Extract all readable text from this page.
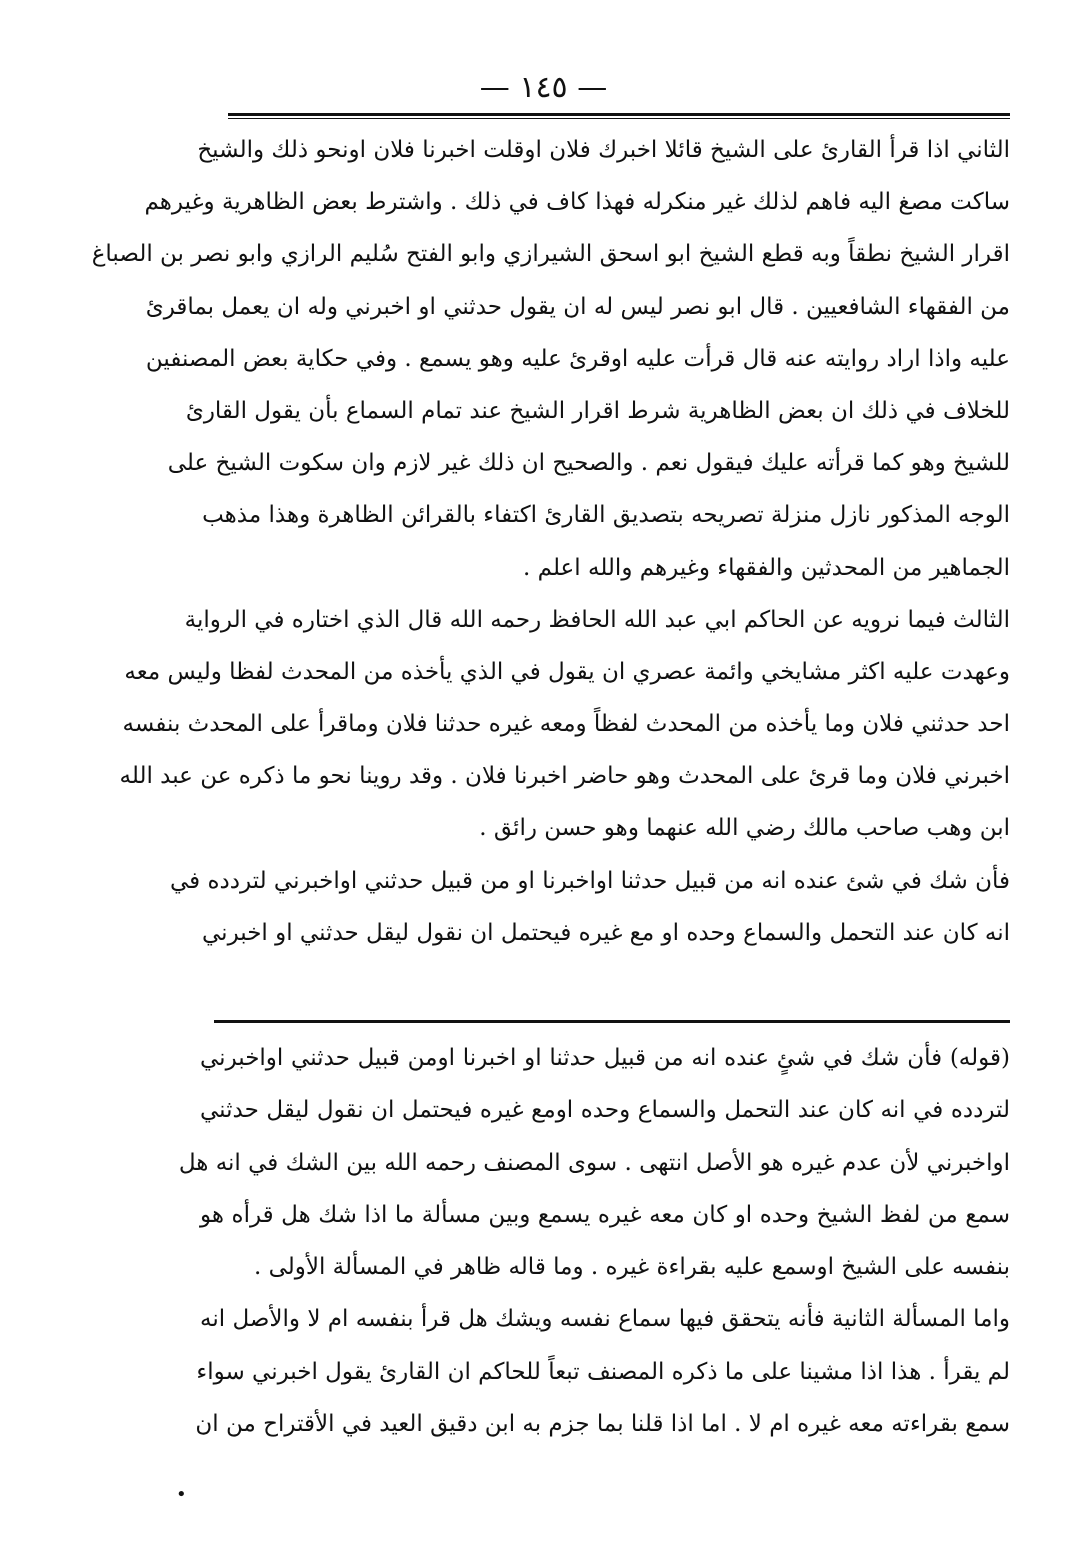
— ١٤٥ —
الثاني اذا قرأ القارئ على الشيخ قائلا اخبرك فلان اوقلت اخبرنا فلان اونحو ذلك والشيخ
ساكت مصغ اليه فاهم لذلك غير منكرله فهذا كاف في ذلك . واشترط بعض الظاهرية وغيرهم
اقرار الشيخ نطقاً وبه قطع الشيخ ابو اسحق الشيرازي وابو الفتح سُليم الرازي وابو نصر بن الصباغ
من الفقهاء الشافعيين . قال ابو نصر ليس له ان يقول حدثني او اخبرني وله ان يعمل بماقرئ
عليه واذا اراد روايته عنه قال قرأت عليه اوقرئ عليه وهو يسمع . وفي حكاية بعض المصنفين
للخلاف في ذلك ان بعض الظاهرية شرط اقرار الشيخ عند تمام السماع بأن يقول القارئ
للشيخ وهو كما قرأته عليك فيقول نعم . والصحيح ان ذلك غير لازم وان سكوت الشيخ على
الوجه المذكور نازل منزلة تصريحه بتصديق القارئ اكتفاء بالقرائن الظاهرة وهذا مذهب
الجماهير من المحدثين والفقهاء وغيرهم والله اعلم .
الثالث فيما نرويه عن الحاكم ابي عبد الله الحافظ رحمه الله قال الذي اختاره في الرواية
وعهدت عليه اكثر مشايخي وائمة عصري ان يقول في الذي يأخذه من المحدث لفظا وليس معه
احد حدثني فلان وما يأخذه من المحدث لفظاً ومعه غيره حدثنا فلان وماقرأ على المحدث بنفسه
اخبرني فلان وما قرئ على المحدث وهو حاضر اخبرنا فلان . وقد روينا نحو ما ذكره عن عبد الله
ابن وهب صاحب مالك رضي الله عنهما وهو حسن رائق .
فأن شك في شئ عنده انه من قبيل حدثنا اواخبرنا او من قبيل حدثني اواخبرني لتردده في
انه كان عند التحمل والسماع وحده او مع غيره فيحتمل ان نقول ليقل حدثني او اخبرني
(قوله) فأن شك في شئٍ عنده انه من قبيل حدثنا او اخبرنا اومن قبيل حدثني اواخبرني
لتردده في انه كان عند التحمل والسماع وحده اومع غيره فيحتمل ان نقول ليقل حدثني
اواخبرني لأن عدم غيره هو الأصل انتهى . سوى المصنف رحمه الله بين الشك في انه هل
سمع من لفظ الشيخ وحده او كان معه غيره يسمع وبين مسألة ما اذا شك هل قرأه هو
بنفسه على الشيخ اوسمع عليه بقراءة غيره . وما قاله ظاهر في المسألة الأولى .
واما المسألة الثانية فأنه يتحقق فيها سماع نفسه ويشك هل قرأ بنفسه ام لا والأصل انه
لم يقرأ . هذا اذا مشينا على ما ذكره المصنف تبعاً للحاكم ان القارئ يقول اخبرني سواء
سمع بقراءته معه غيره ام لا . اما اذا قلنا بما جزم به ابن دقيق العيد في الأقتراح من ان
•
